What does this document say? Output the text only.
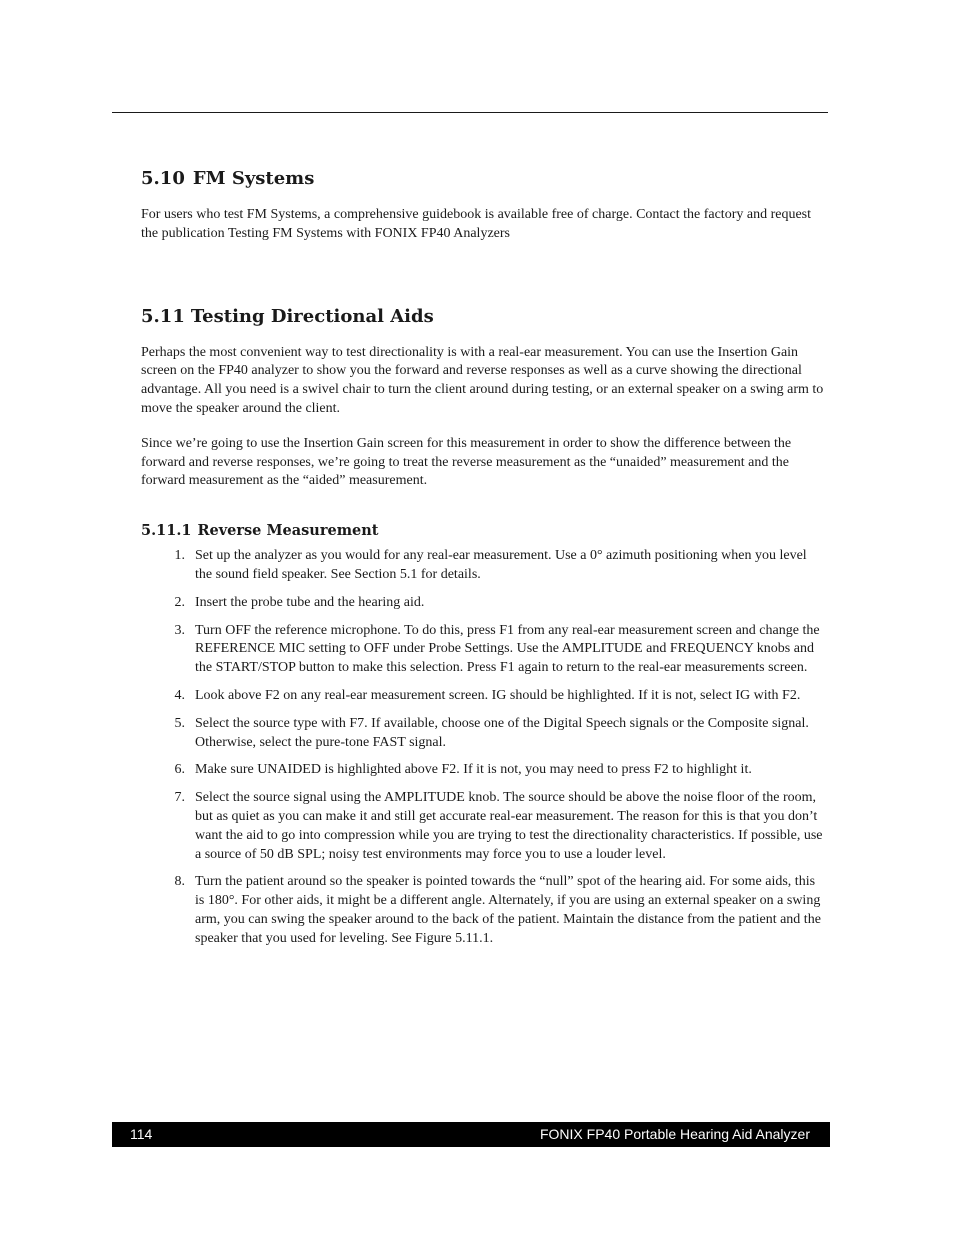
5.10 FM Systems

For users who test FM Systems, a comprehensive guidebook is available free of charge. Contact the factory and request the publication Testing FM Systems with FONIX FP40 Analyzers

5.11 Testing Directional Aids

Perhaps the most convenient way to test directionality is with a real-ear measurement. You can use the Insertion Gain screen on the FP40 analyzer to show you the forward and reverse responses as well as a curve showing the directional advantage. All you need is a swivel chair to turn the client around during testing, or an external speaker on a swing arm to move the speaker around the client.

Since we’re going to use the Insertion Gain screen for this measurement in order to show the difference between the forward and reverse responses, we’re going to treat the reverse measurement as the “unaided” measurement and the forward measurement as the “aided” measurement.

5.11.1 Reverse Measurement
1. Set up the analyzer as you would for any real-ear measurement. Use a 0° azimuth positioning when you level the sound field speaker. See Section 5.1 for details.
2. Insert the probe tube and the hearing aid.
3. Turn OFF the reference microphone. To do this, press F1 from any real-ear measurement screen and change the REFERENCE MIC setting to OFF under Probe Settings. Use the AMPLITUDE and FREQUENCY knobs and the START/STOP button to make this selection. Press F1 again to return to the real-ear measurements screen.
4. Look above F2 on any real-ear measurement screen. IG should be highlighted. If it is not, select IG with F2.
5. Select the source type with F7. If available, choose one of the Digital Speech signals or the Composite signal. Otherwise, select the pure-tone FAST signal.
6. Make sure UNAIDED is highlighted above F2. If it is not, you may need to press F2 to highlight it.
7. Select the source signal using the AMPLITUDE knob. The source should be above the noise floor of the room, but as quiet as you can make it and still get accurate real-ear measurement. The reason for this is that you don’t want the aid to go into compression while you are trying to test the directionality characteristics. If possible, use a source of 50 dB SPL; noisy test environments may force you to use a louder level.
8. Turn the patient around so the speaker is pointed towards the “null” spot of the hearing aid. For some aids, this is 180°. For other aids, it might be a different angle. Alternately, if you are using an external speaker on a swing arm, you can swing the speaker around to the back of the patient. Maintain the distance from the patient and the speaker that you used for leveling. See Figure 5.11.1.
114	FONIX FP40 Portable Hearing Aid Analyzer
